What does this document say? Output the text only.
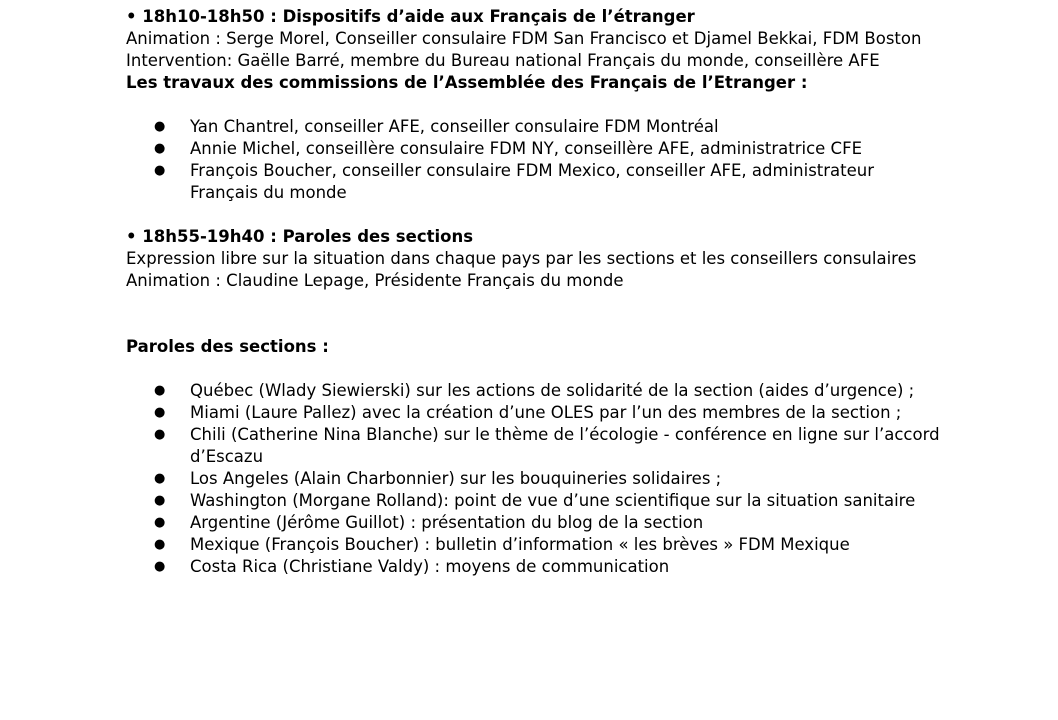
• 18h10-18h50 : Dispositifs d’aide aux Français de l’étranger

Animation : Serge Morel, Conseiller consulaire FDM San Francisco et Djamel Bekkai, FDM Boston

Intervention: Gaëlle Barré, membre du Bureau national Français du monde, conseillère AFE

Les travaux des commissions de l’Assemblée des Français de l’Etranger :

● Yan Chantrel, conseiller AFE, conseiller consulaire FDM Montréal
● Annie Michel, conseillère consulaire FDM NY, conseillère AFE, administratrice CFE
● François Boucher, conseiller consulaire FDM Mexico, conseiller AFE, administrateur Français du monde

• 18h55-19h40 : Paroles des sections

Expression libre sur la situation dans chaque pays par les sections et les conseillers consulaires

Animation : Claudine Lepage, Présidente Français du monde

Paroles des sections :

● Québec (Wlady Siewierski) sur les actions de solidarité de la section (aides d’urgence) ;
● Miami (Laure Pallez) avec la création d’une OLES par l’un des membres de la section ;
● Chili (Catherine Nina Blanche) sur le thème de l’écologie - conférence en ligne sur l’accord d’Escazu
● Los Angeles (Alain Charbonnier) sur les bouquineries solidaires ;
● Washington (Morgane Rolland): point de vue d’une scientifique sur la situation sanitaire
● Argentine (Jérôme Guillot) : présentation du blog de la section
● Mexique (François Boucher) : bulletin d’information « les brèves » FDM Mexique
● Costa Rica (Christiane Valdy) : moyens de communication
